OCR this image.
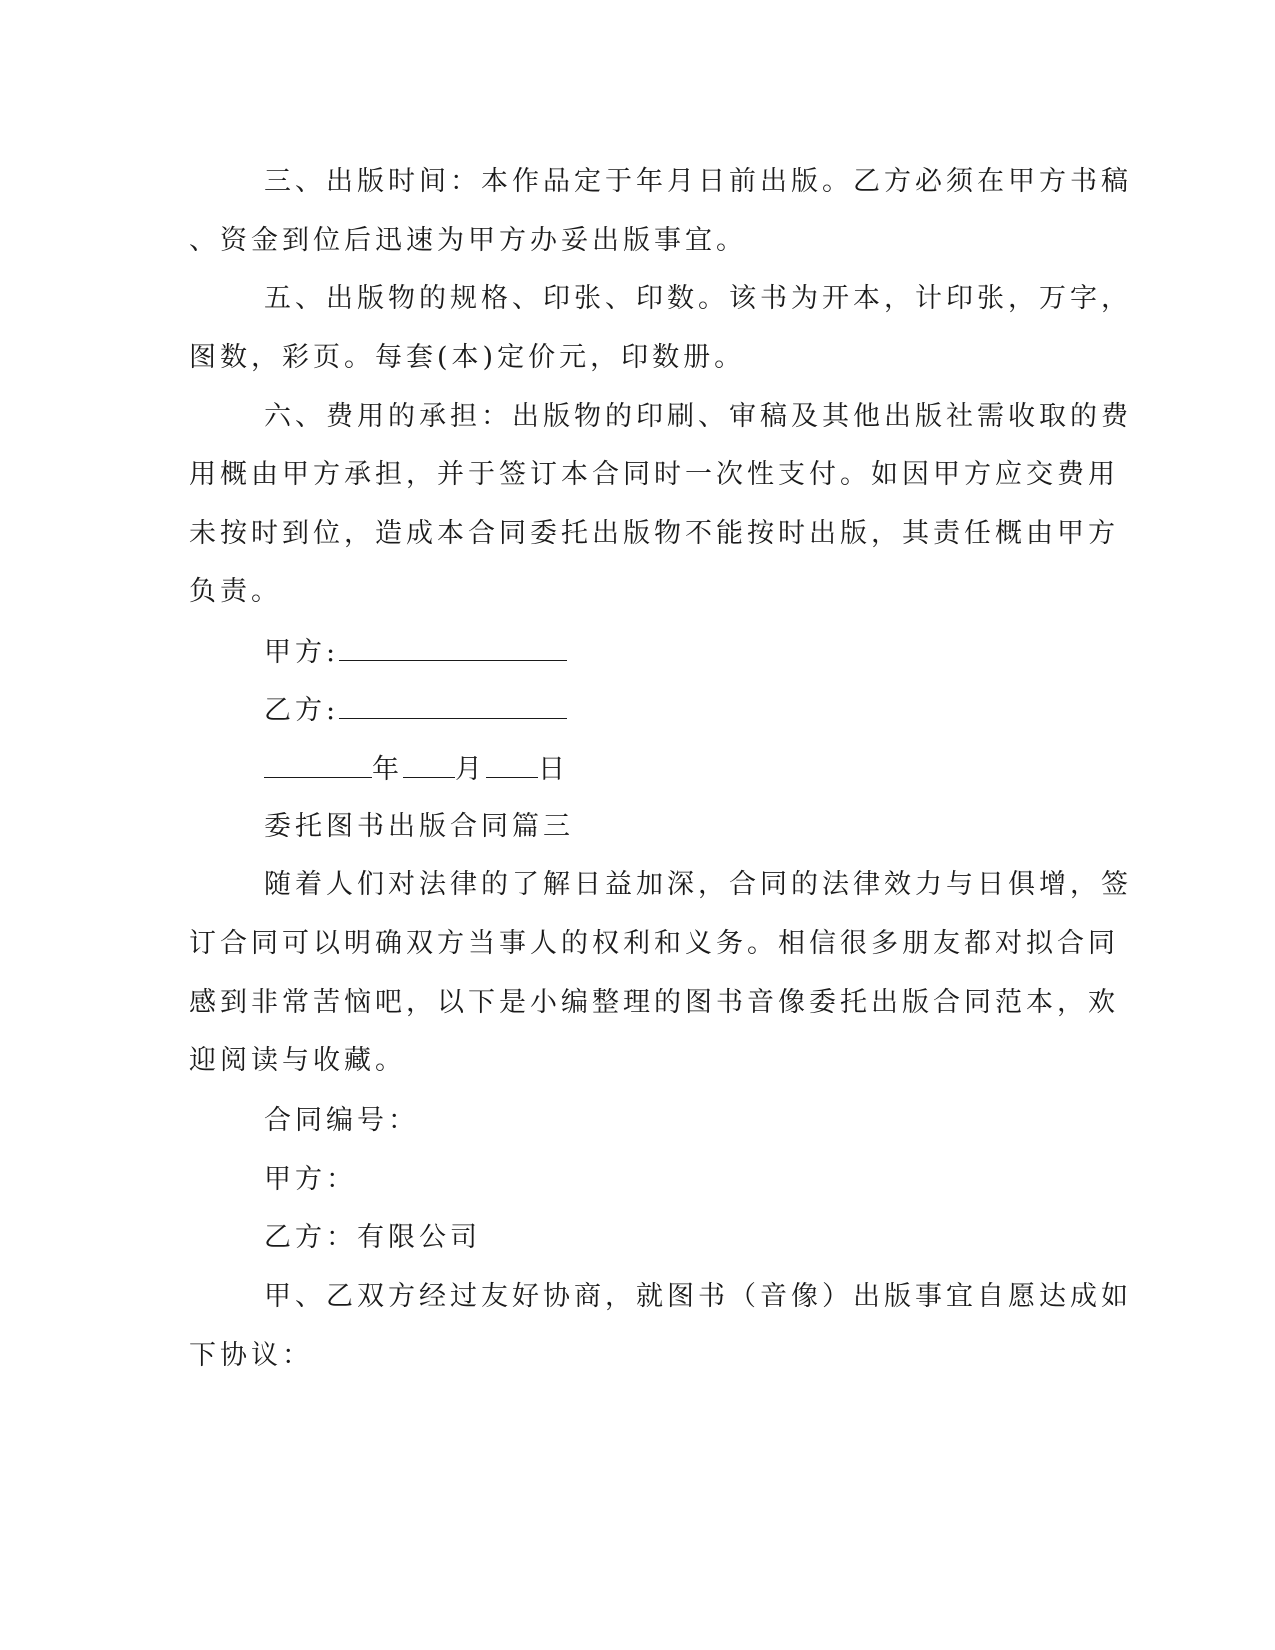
三、出版时间：本作品定于年月日前出版。乙方必须在甲方书稿
、资金到位后迅速为甲方办妥出版事宜。
五、出版物的规格、印张、印数。该书为开本，计印张，万字，
图数，彩页。每套(本)定价元，印数册。
六、费用的承担：出版物的印刷、审稿及其他出版社需收取的费
用概由甲方承担，并于签订本合同时一次性支付。如因甲方应交费用
未按时到位，造成本合同委托出版物不能按时出版，其责任概由甲方
负责。
甲方:
乙方:
年 月 日
委托图书出版合同篇三
随着人们对法律的了解日益加深，合同的法律效力与日俱增，签
订合同可以明确双方当事人的权利和义务。相信很多朋友都对拟合同
感到非常苦恼吧，以下是小编整理的图书音像委托出版合同范本，欢
迎阅读与收藏。
合同编号：
甲方：
乙方：有限公司
甲、乙双方经过友好协商，就图书（音像）出版事宜自愿达成如
下协议：
